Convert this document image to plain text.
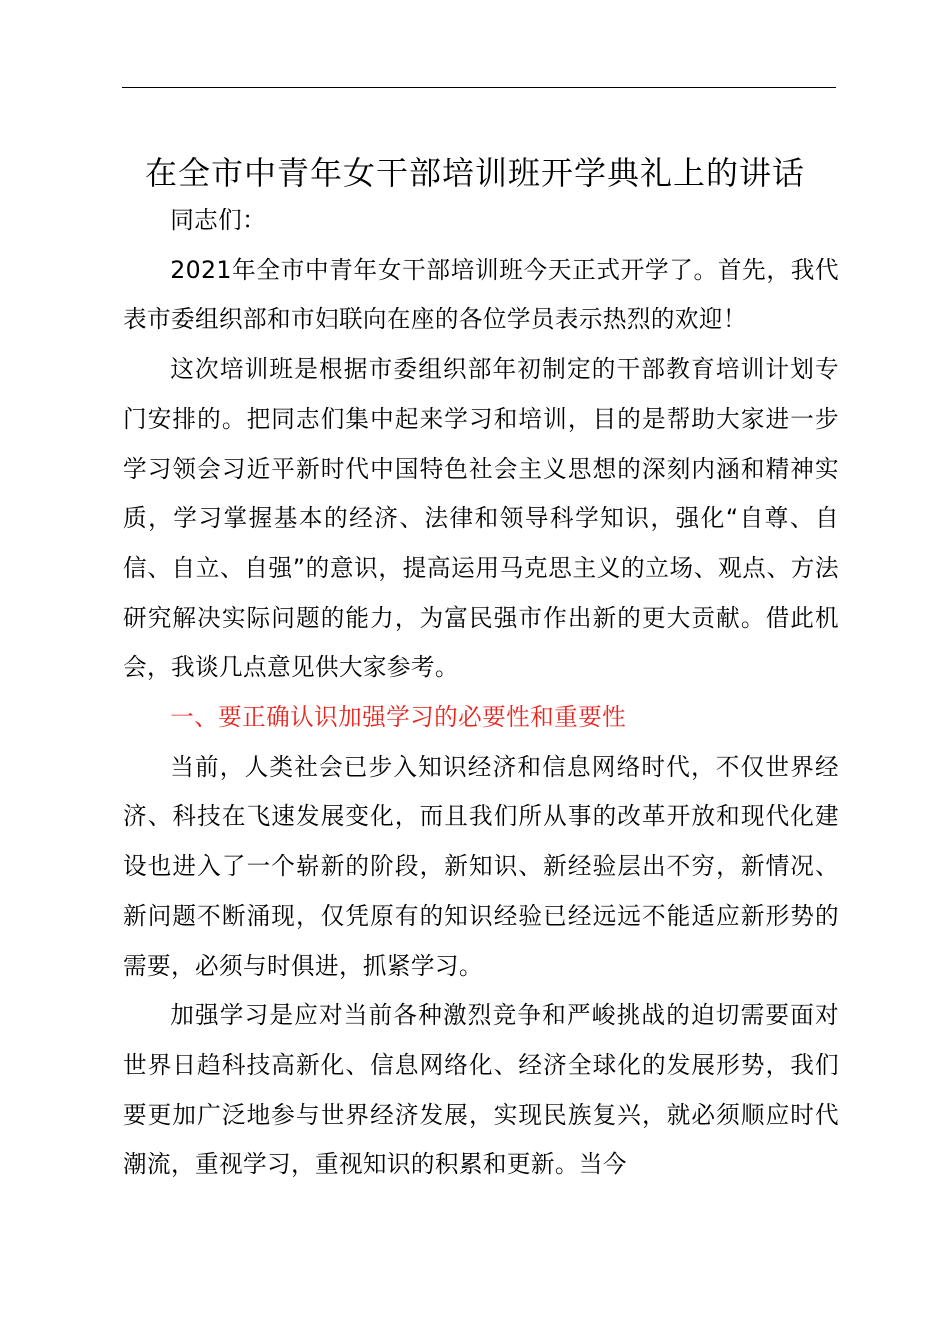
在全市中青年女干部培训班开学典礼上的讲话

同志们：

2021年全市中青年女干部培训班今天正式开学了。首先，我代表市委组织部和市妇联向在座的各位学员表示热烈的欢迎！

这次培训班是根据市委组织部年初制定的干部教育培训计划专门安排的。把同志们集中起来学习和培训，目的是帮助大家进一步学习领会习近平新时代中国特色社会主义思想的深刻内涵和精神实质，学习掌握基本的经济、法律和领导科学知识，强化“自尊、自信、自立、自强”的意识，提高运用马克思主义的立场、观点、方法研究解决实际问题的能力，为富民强市作出新的更大贡献。借此机会，我谈几点意见供大家参考。

一、要正确认识加强学习的必要性和重要性

当前，人类社会已步入知识经济和信息网络时代，不仅世界经济、科技在飞速发展变化，而且我们所从事的改革开放和现代化建设也进入了一个崭新的阶段，新知识、新经验层出不穷，新情况、新问题不断涌现，仅凭原有的知识经验已经远远不能适应新形势的需要，必须与时俱进，抓紧学习。

加强学习是应对当前各种激烈竞争和严峻挑战的迫切需要面对世界日趋科技高新化、信息网络化、经济全球化的发展形势，我们要更加广泛地参与世界经济发展，实现民族复兴，就必须顺应时代潮流，重视学习，重视知识的积累和更新。当今
